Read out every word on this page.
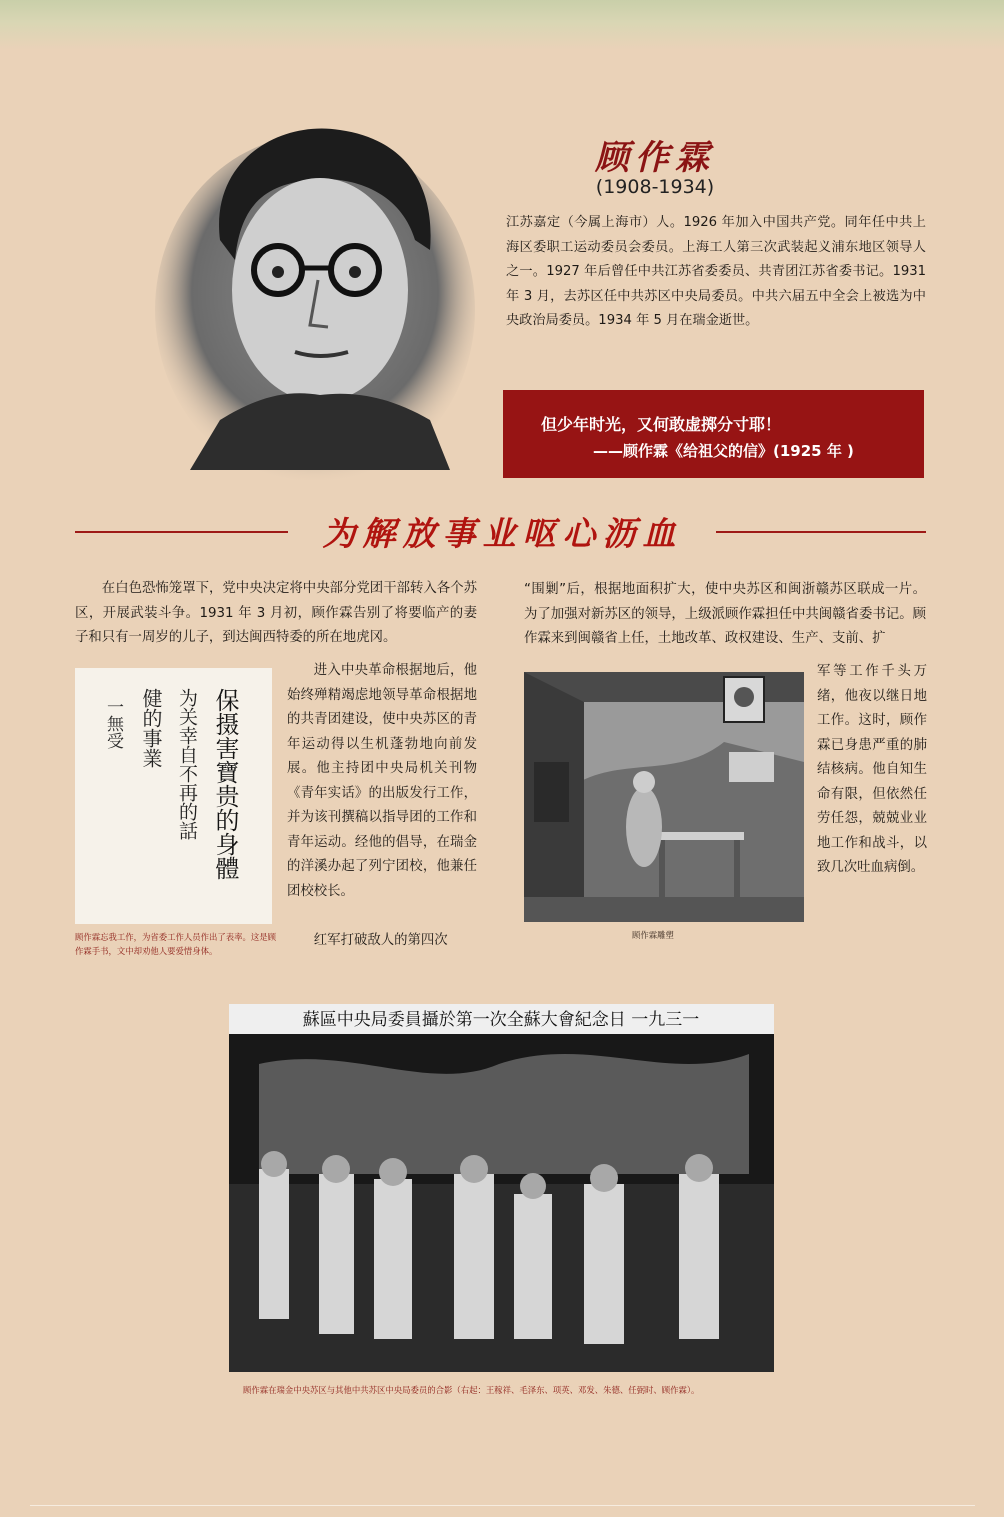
顾作霖
(1908-1934)
江苏嘉定（今属上海市）人。1926 年加入中国共产党。同年任中共上海区委职工运动委员会委员。上海工人第三次武装起义浦东地区领导人之一。1927 年后曾任中共江苏省委委员、共青团江苏省委书记。1931 年 3 月，去苏区任中共苏区中央局委员。中共六届五中全会上被选为中央政治局委员。1934 年 5 月在瑞金逝世。
但少年时光，又何敢虚掷分寸耶！
——顾作霖《给祖父的信》(1925 年 )
为解放事业呕心沥血
在白色恐怖笼罩下，党中央决定将中央部分党团干部转入各个苏区，开展武装斗争。1931 年 3 月初，顾作霖告别了将要临产的妻子和只有一周岁的儿子，到达闽西特委的所在地虎冈。
保摄害寶贵的身體
为关幸自不再的話
健的事業
一無受
顾作霖忘我工作，为省委工作人员作出了表率。这是顾作霖手书，文中却劝他人要爱惜身体。
进入中央革命根据地后，他始终殚精竭虑地领导革命根据地的共青团建设，使中央苏区的青年运动得以生机蓬勃地向前发展。他主持团中央局机关刊物《青年实话》的出版发行工作，并为该刊撰稿以指导团的工作和青年运动。经他的倡导，在瑞金的洋溪办起了列宁团校，他兼任团校校长。
红军打破敌人的第四次
“围剿”后，根据地面积扩大，使中央苏区和闽浙赣苏区联成一片。为了加强对新苏区的领导，上级派顾作霖担任中共闽赣省委书记。顾作霖来到闽赣省上任，土地改革、政权建设、生产、支前、扩
顾作霖雕塑
军等工作千头万绪，他夜以继日地工作。这时，顾作霖已身患严重的肺结核病。他自知生命有限，但依然任劳任怨，兢兢业业地工作和战斗，以致几次吐血病倒。
蘇區中央局委員攝於第一次全蘇大會紀念日 一九三一
顾作霖在瑞金中央苏区与其他中共苏区中央局委员的合影（右起：王稼祥、毛泽东、项英、邓发、朱德、任弼时、顾作霖）。
